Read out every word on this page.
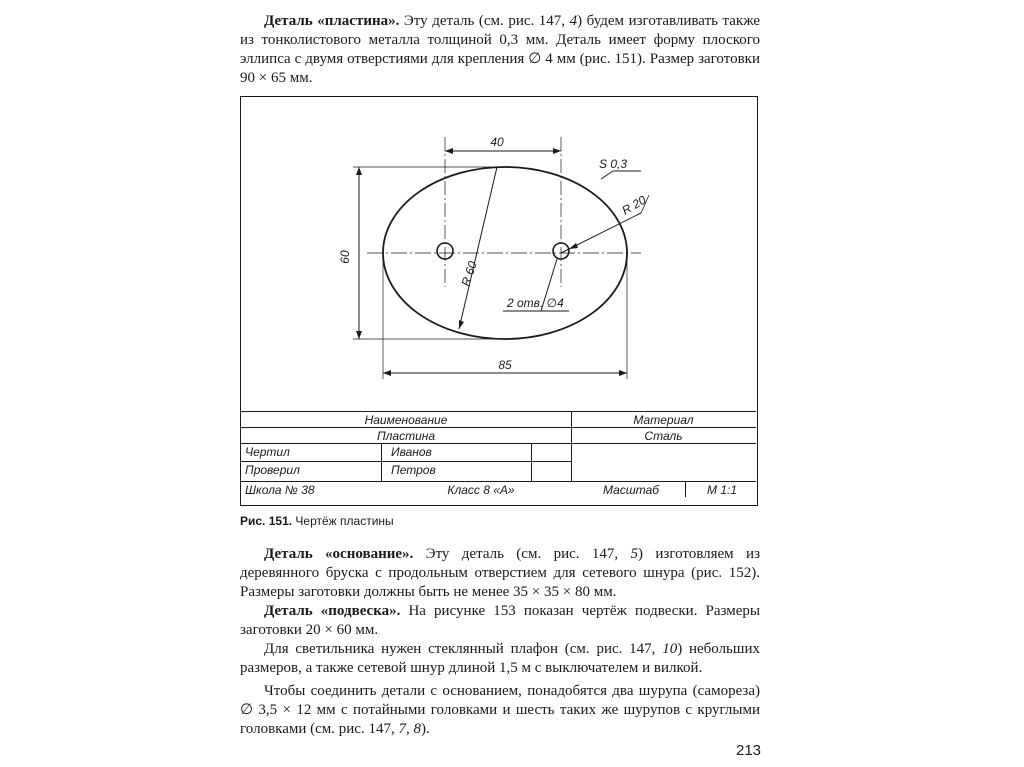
Деталь «пластина». Эту деталь (см. рис. 147, 4) будем изготавливать также из тонколистового металла толщиной 0,3 мм. Деталь имеет форму плоского эллипса с двумя отверстиями для крепления ∅ 4 мм (рис. 151). Размер заготовки 90 × 65 мм.

40
60
85
S 0,3
R 20
R 60
2 отв. ∅4
Наименование	Материал
Пластина	Сталь
Чертил	Иванов
Проверил	Петров
Школа № 38	Класс 8 «А»	Масштаб	М 1:1
Рис. 151. Чертёж пластины

Деталь «основание». Эту деталь (см. рис. 147, 5) изготовляем из деревянного бруска с продольным отверстием для сетевого шнура (рис. 152). Размеры заготовки должны быть не менее 35 × 35 × 80 мм.

Деталь «подвеска». На рисунке 153 показан чертёж подвески. Размеры заготовки 20 × 60 мм.

Для светильника нужен стеклянный плафон (см. рис. 147, 10) небольших размеров, а также сетевой шнур длиной 1,5 м с выключателем и вилкой.

Чтобы соединить детали с основанием, понадобятся два шурупа (самореза) ∅ 3,5 × 12 мм с потайными головками и шесть таких же шурупов с круглыми головками (см. рис. 147, 7, 8).

213
